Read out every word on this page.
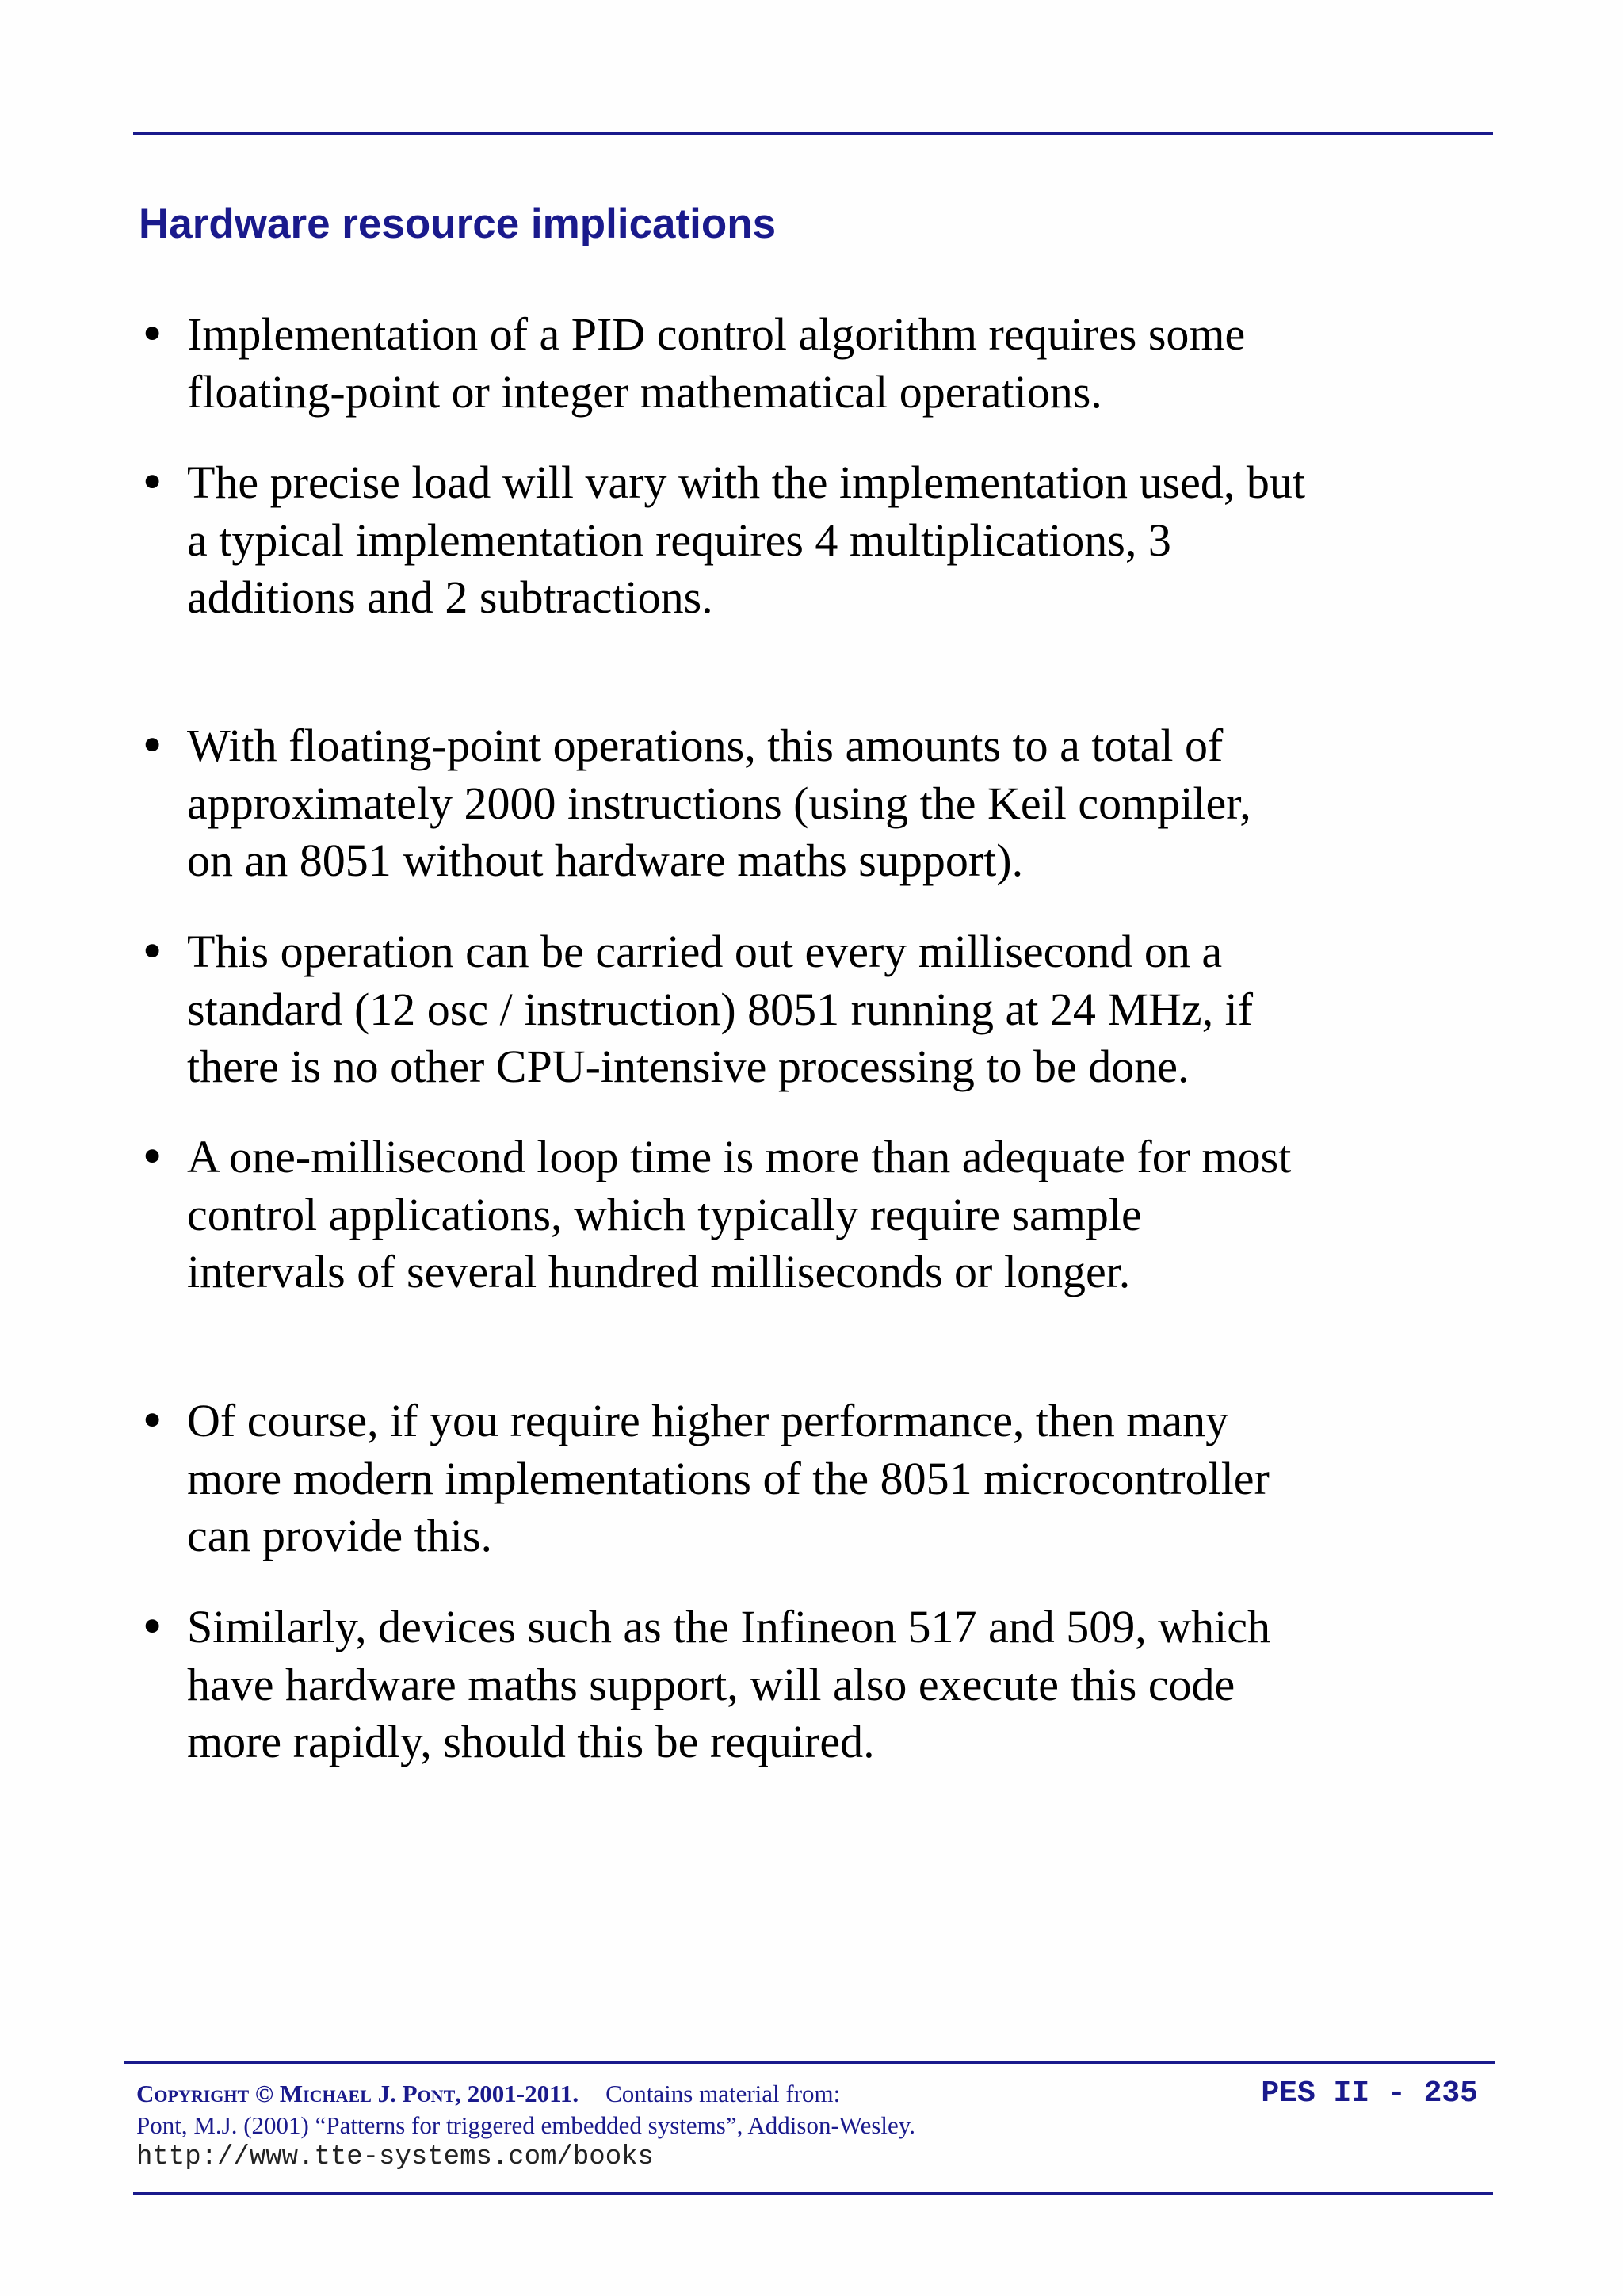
Hardware resource implications
• Implementation of a PID control algorithm requires some
floating-point or integer mathematical operations.
• The precise load will vary with the implementation used, but
a typical implementation requires 4 multiplications, 3
additions and 2 subtractions.
• With floating-point operations, this amounts to a total of
approximately 2000 instructions (using the Keil compiler,
on an 8051 without hardware maths support).
• This operation can be carried out every millisecond on a
standard (12 osc / instruction) 8051 running at 24 MHz, if
there is no other CPU-intensive processing to be done.
• A one-millisecond loop time is more than adequate for most
control applications, which typically require sample
intervals of several hundred milliseconds or longer.
• Of course, if you require higher performance, then many
more modern implementations of the 8051 microcontroller
can provide this.
• Similarly, devices such as the Infineon 517 and 509, which
have hardware maths support, will also execute this code
more rapidly, should this be required.
Copyright © Michael J. Pont, 2001-2011. Contains material from:
Pont, M.J. (2001) “Patterns for triggered embedded systems”, Addison-Wesley.
http://www.tte-systems.com/books
PES II - 235
